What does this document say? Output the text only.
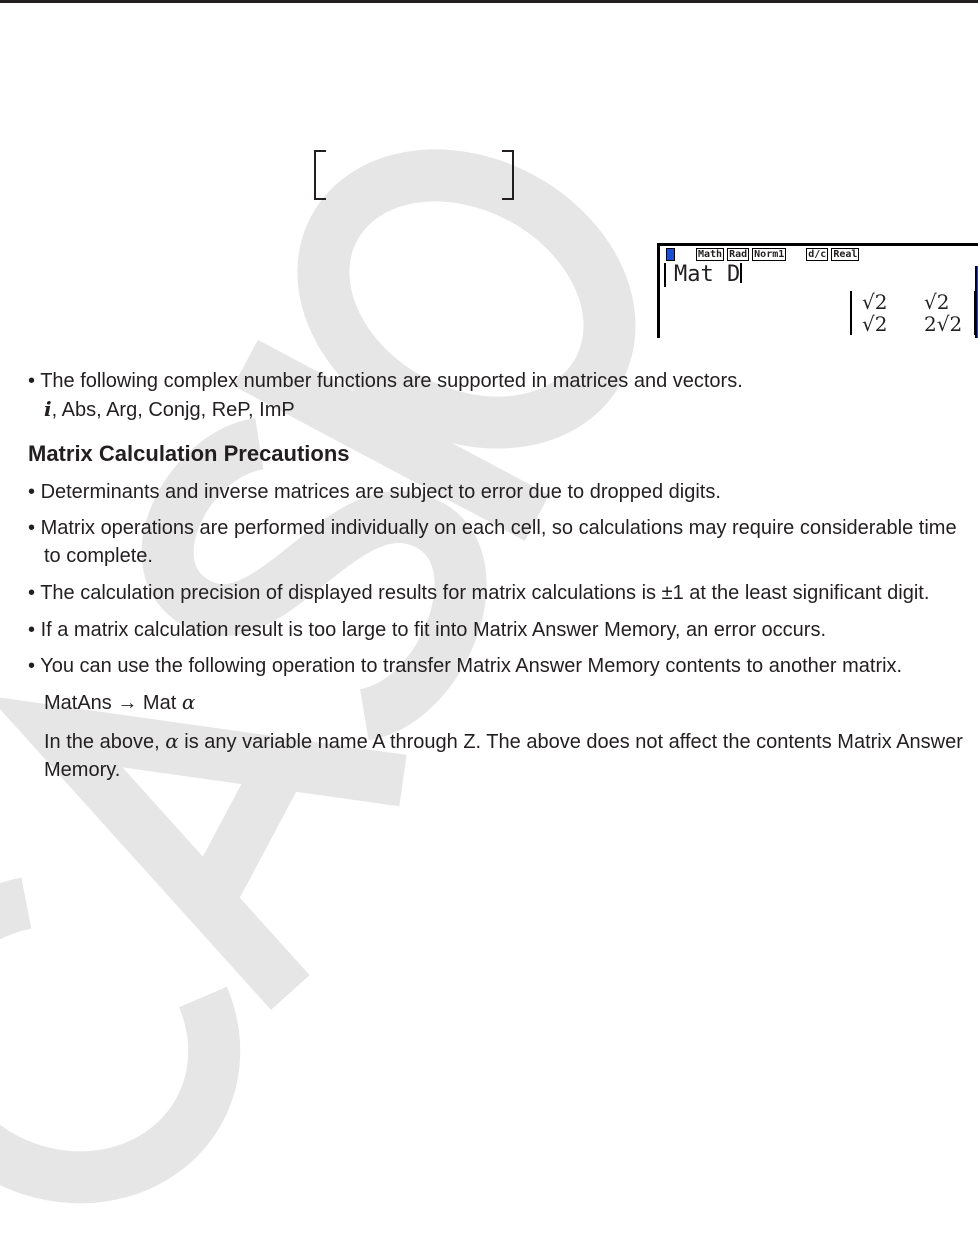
Math Rad Norm1 d/c Real
Mat D
√2	√2
√2	2√2
• The following complex number functions are supported in matrices and vectors.
i, Abs, Arg, Conjg, ReP, ImP
Matrix Calculation Precautions
• Determinants and inverse matrices are subject to error due to dropped digits.
• Matrix operations are performed individually on each cell, so calculations may require considerable time to complete.
• The calculation precision of displayed results for matrix calculations is ±1 at the least significant digit.
• If a matrix calculation result is too large to fit into Matrix Answer Memory, an error occurs.
• You can use the following operation to transfer Matrix Answer Memory contents to another matrix.
MatAns → Mat α
In the above, α is any variable name A through Z. The above does not affect the contents Matrix Answer Memory.
